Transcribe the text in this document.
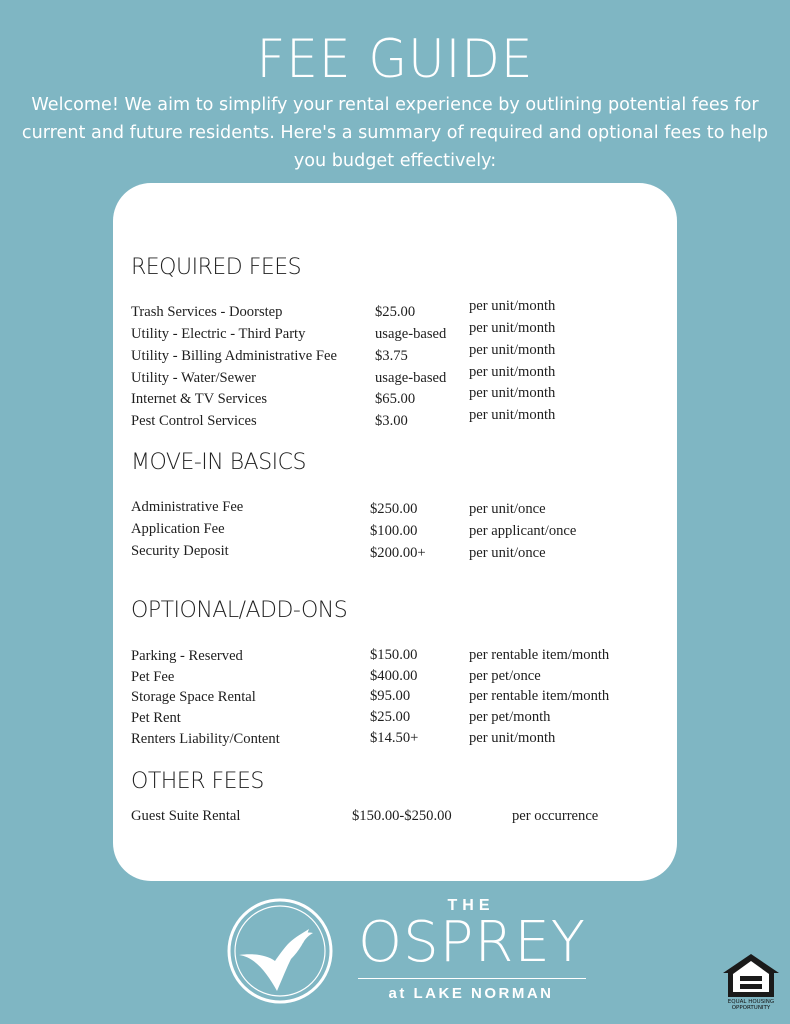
FEE GUIDE
Welcome! We aim to simplify your rental experience by outlining potential fees for current and future residents. Here's a summary of required and optional fees to help you budget effectively:
REQUIRED FEES
Trash Services - Doorstep	$25.00	per unit/month
Utility - Electric - Third Party	usage-based per unit/month
Utility - Billing Administrative Fee	$3.75	per unit/month
Utility - Water/Sewer	usage-based per unit/month
Internet & TV Services	$65.00	per unit/month
Pest Control Services	$3.00	per unit/month
MOVE-IN BASICS
Administrative Fee	$250.00	per unit/once
Application Fee	$100.00	per applicant/once
Security Deposit	$200.00+	per unit/once
OPTIONAL/ADD-ONS
Parking - Reserved	$150.00	per rentable item/month
Pet Fee	$400.00	per pet/once
Storage Space Rental	$95.00	per rentable item/month
Pet Rent	$25.00	per pet/month
Renters Liability/Content	$14.50+	per unit/month
OTHER FEES
Guest Suite Rental	$150.00-$250.00	per occurrence
THE
OSPREY
at LAKE NORMAN	EQUAL HOUSING OPPORTUNITY
